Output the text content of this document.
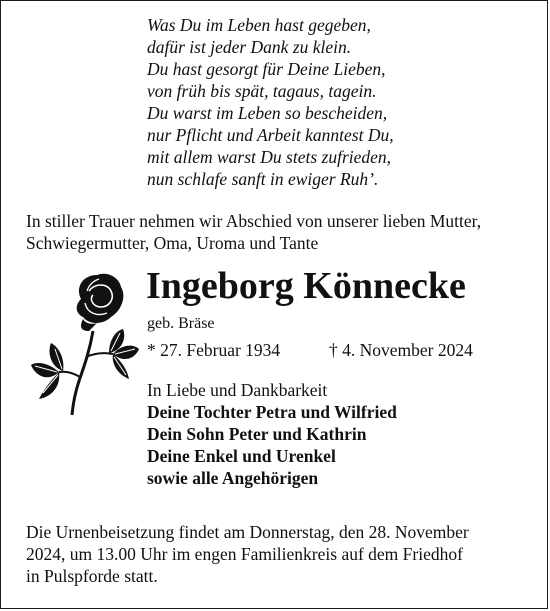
Was Du im Leben hast gegeben,
dafür ist jeder Dank zu klein.
Du hast gesorgt für Deine Lieben,
von früh bis spät, tagaus, tagein.
Du warst im Leben so bescheiden,
nur Pflicht und Arbeit kanntest Du,
mit allem warst Du stets zufrieden,
nun schlafe sanft in ewiger Ruh’.
In stiller Trauer nehmen wir Abschied von unserer lieben Mutter,
Schwiegermutter, Oma, Uroma und Tante
Ingeborg Könnecke
geb. Bräse
* 27. Februar 1934	† 4. November 2024
In Liebe und Dankbarkeit
Deine Tochter Petra und Wilfried
Dein Sohn Peter und Kathrin
Deine Enkel und Urenkel
sowie alle Angehörigen
Die Urnenbeisetzung findet am Donnerstag, den 28. November
2024, um 13.00 Uhr im engen Familienkreis auf dem Friedhof
in Pulspforde statt.
